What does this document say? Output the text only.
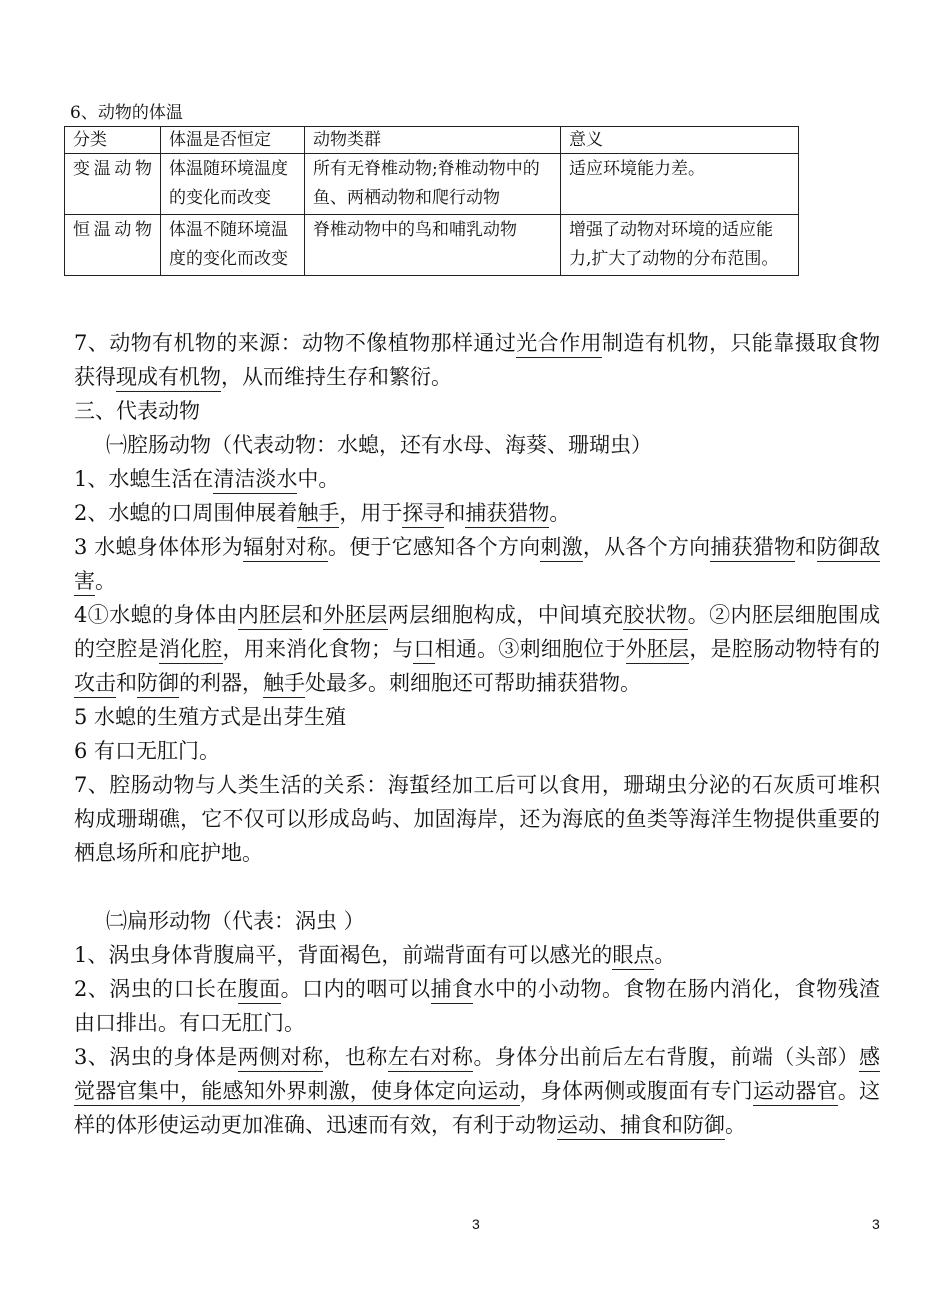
6、动物的体温
分类	体温是否恒定	动物类群	意义
变温动物	体温随环境温度的变化而改变	所有无脊椎动物;脊椎动物中的鱼、两栖动物和爬行动物	适应环境能力差。
恒温动物	体温不随环境温度的变化而改变	脊椎动物中的鸟和哺乳动物	增强了动物对环境的适应能力,扩大了动物的分布范围。

7、动物有机物的来源：动物不像植物那样通过光合作用制造有机物，只能靠摄取食物获得现成有机物，从而维持生存和繁衍。

三、代表动物

㈠腔肠动物（代表动物：水螅，还有水母、海葵、珊瑚虫）

1、水螅生活在清洁淡水中。

2、水螅的口周围伸展着触手，用于探寻和捕获猎物。

3 水螅身体体形为辐射对称。便于它感知各个方向刺激，从各个方向捕获猎物和防御敌害。

4①水螅的身体由内胚层和外胚层两层细胞构成，中间填充胶状物。②内胚层细胞围成的空腔是消化腔，用来消化食物；与口相通。③刺细胞位于外胚层，是腔肠动物特有的攻击和防御的利器，触手处最多。刺细胞还可帮助捕获猎物。

5 水螅的生殖方式是出芽生殖

6 有口无肛门。

7、腔肠动物与人类生活的关系：海蜇经加工后可以食用，珊瑚虫分泌的石灰质可堆积构成珊瑚礁，它不仅可以形成岛屿、加固海岸，还为海底的鱼类等海洋生物提供重要的栖息场所和庇护地。

㈡扁形动物（代表：涡虫 ）

1、涡虫身体背腹扁平，背面褐色，前端背面有可以感光的眼点。

2、涡虫的口长在腹面。口内的咽可以捕食水中的小动物。食物在肠内消化，食物残渣由口排出。有口无肛门。

3、涡虫的身体是两侧对称，也称左右对称。身体分出前后左右背腹，前端（头部）感觉器官集中，能感知外界刺激，使身体定向运动，身体两侧或腹面有专门运动器官。这样的体形使运动更加准确、迅速而有效，有利于动物运动、捕食和防御。

3	3
